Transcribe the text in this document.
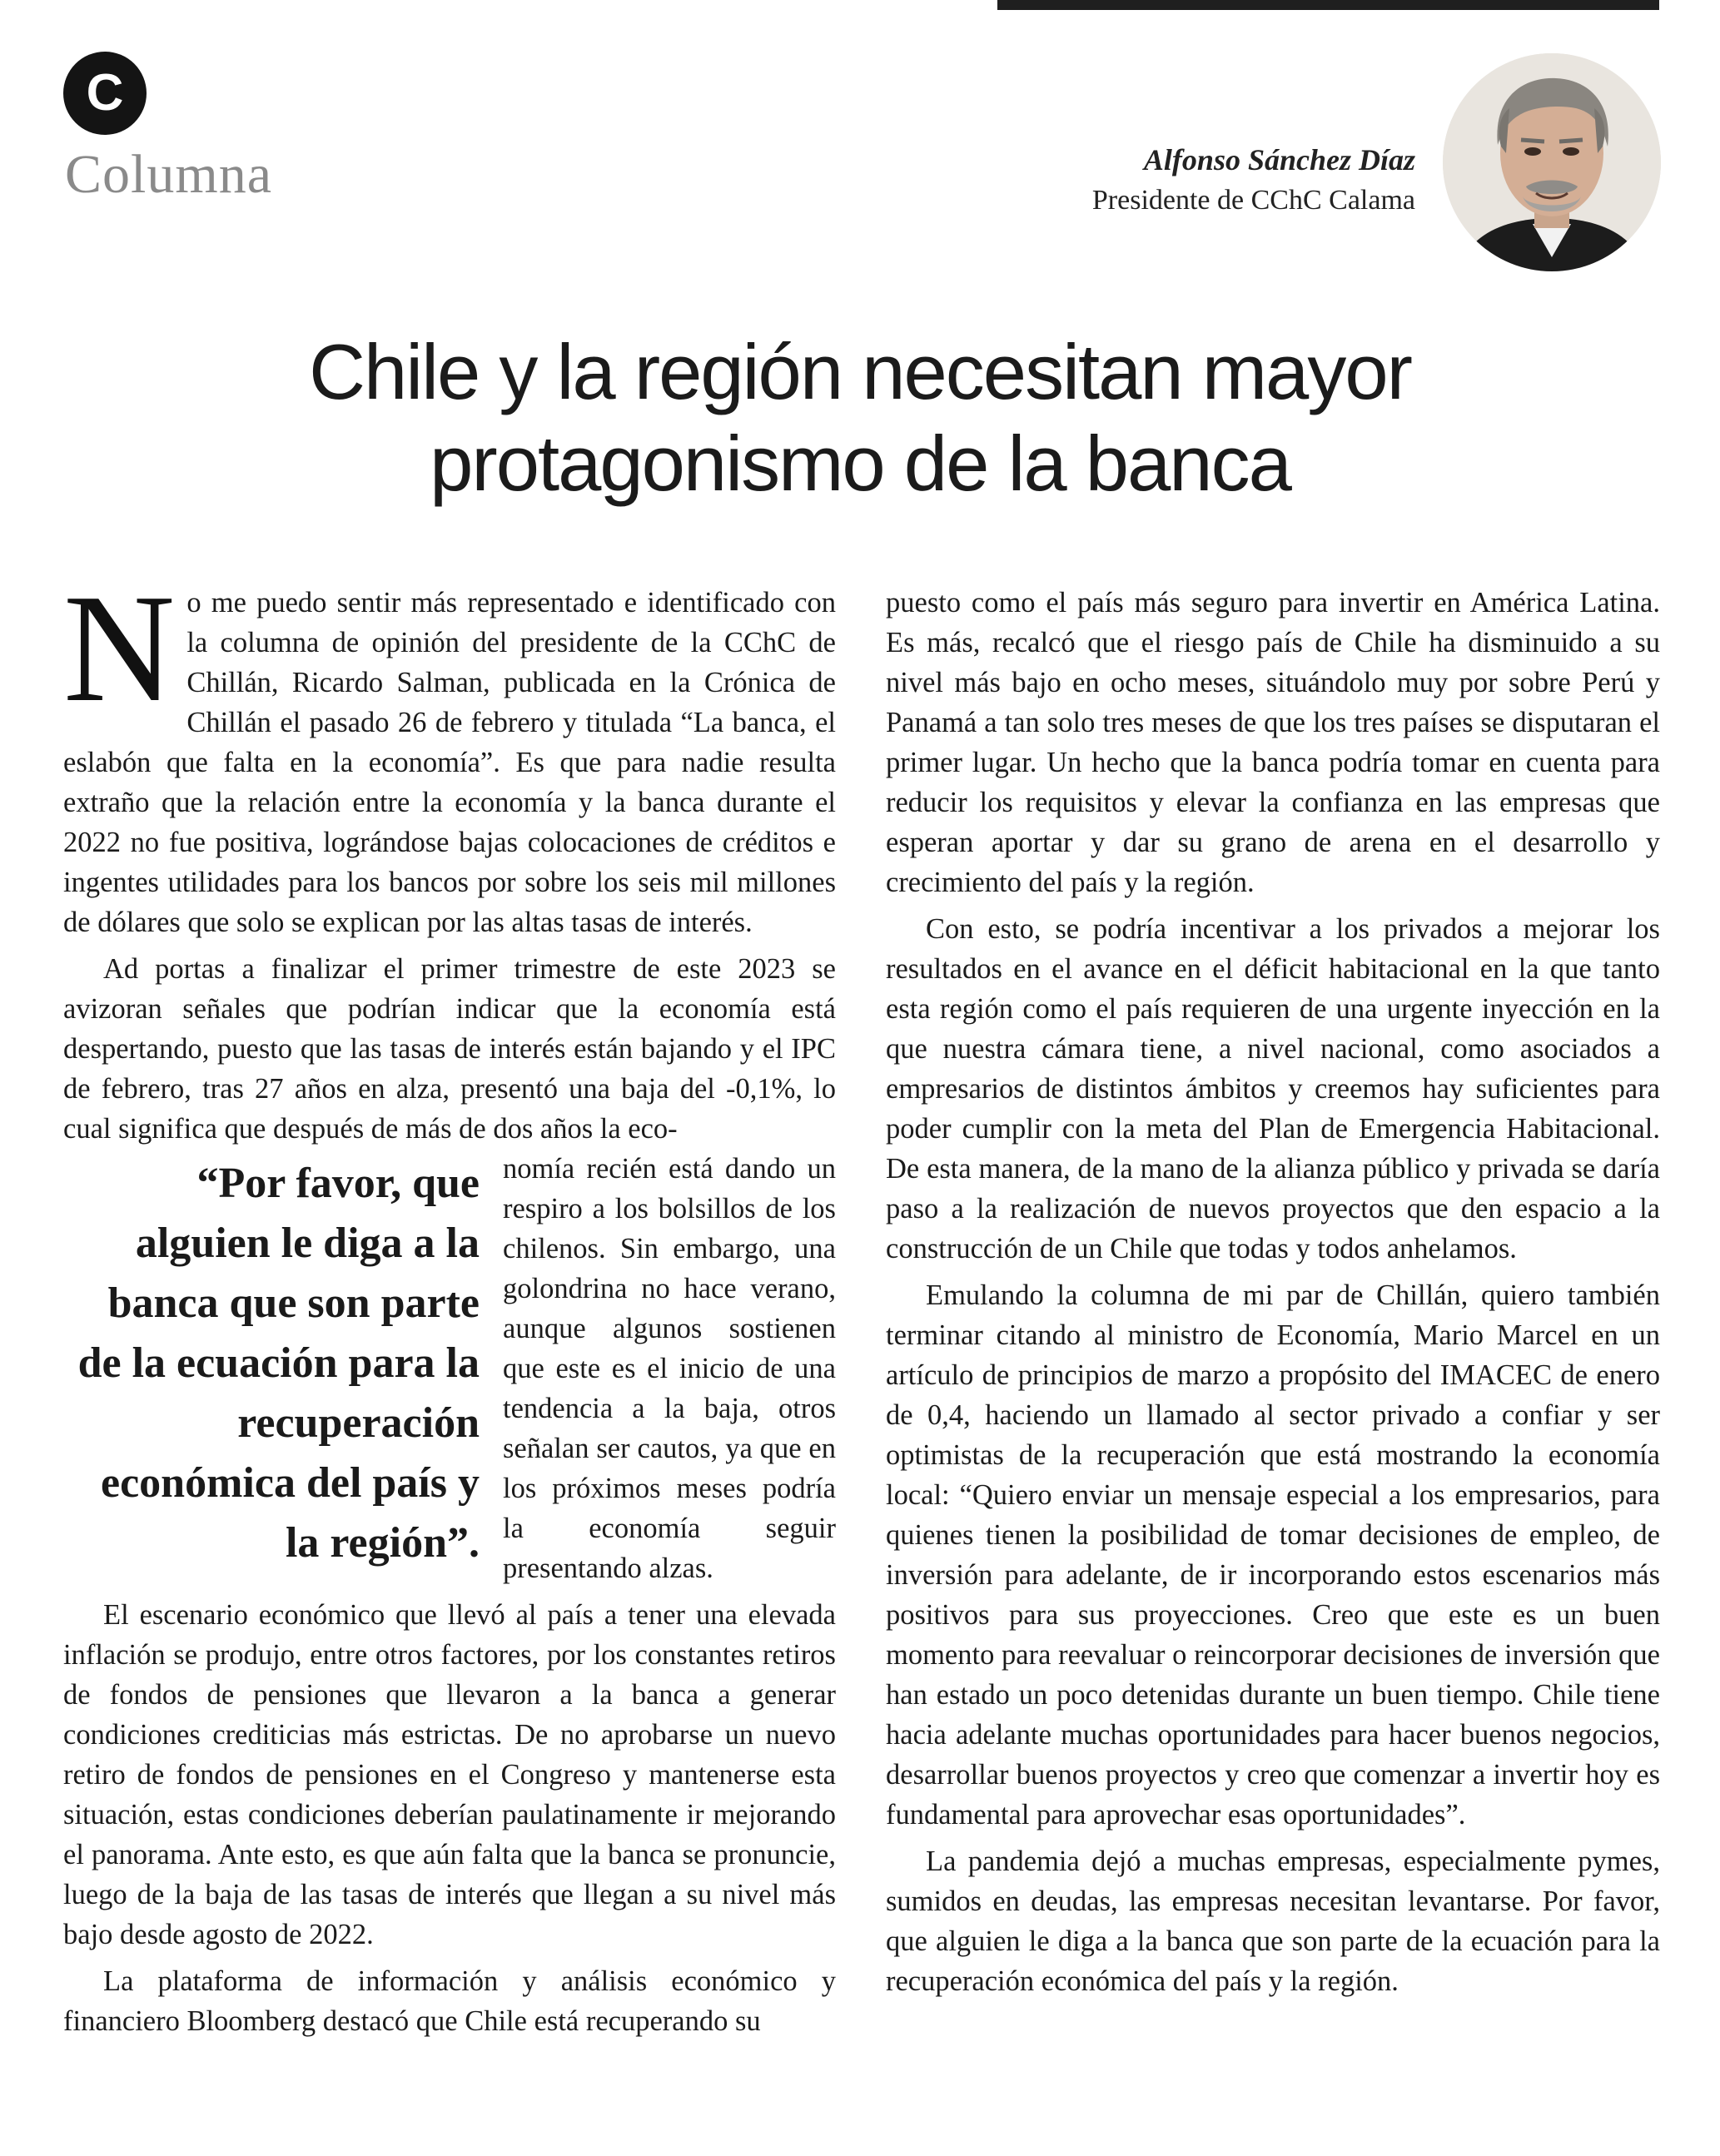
C
Columna	Alfonso Sánchez Díaz
Presidente de CChC Calama
Chile y la región necesitan mayor
protagonismo de la banca

No me puedo sentir más representado e identificado con la columna de opinión del presidente de la CChC de Chillán, Ricardo Salman, publicada en la Crónica de Chillán el pasado 26 de febrero y titulada “La banca, el eslabón que falta en la economía”. Es que para nadie resulta extraño que la relación entre la economía y la banca durante el 2022 no fue positiva, lográndose bajas colocaciones de créditos e ingentes utilidades para los bancos por sobre los seis mil millones de dólares que solo se explican por las altas tasas de interés.

Ad portas a finalizar el primer trimestre de este 2023 se avizoran señales que podrían indicar que la economía está despertando, puesto que las tasas de interés están bajando y el IPC de febrero, tras 27 años en alza, presentó una baja del -0,1%, lo cual significa que después de más de dos años la eco-

“Por favor, que alguien le diga a la banca que son parte de la ecuación para la recuperación económica del país y la región”.

nomía recién está dando un respiro a los bolsillos de los chilenos. Sin embargo, una golondrina no hace verano, aunque algunos sostienen que este es el inicio de una tendencia a la baja, otros señalan ser cautos, ya que en los próximos meses podría la economía seguir presentando alzas.

El escenario económico que llevó al país a tener una elevada inflación se produjo, entre otros factores, por los constantes retiros de fondos de pensiones que llevaron a la banca a generar condiciones crediticias más estrictas. De no aprobarse un nuevo retiro de fondos de pensiones en el Congreso y mantenerse esta situación, estas condiciones deberían paulatinamente ir mejorando el panorama. Ante esto, es que aún falta que la banca se pronuncie, luego de la baja de las tasas de interés que llegan a su nivel más bajo desde agosto de 2022.

La plataforma de información y análisis económico y financiero Bloomberg destacó que Chile está recuperando su

puesto como el país más seguro para invertir en América Latina. Es más, recalcó que el riesgo país de Chile ha disminuido a su nivel más bajo en ocho meses, situándolo muy por sobre Perú y Panamá a tan solo tres meses de que los tres países se disputaran el primer lugar. Un hecho que la banca podría tomar en cuenta para reducir los requisitos y elevar la confianza en las empresas que esperan aportar y dar su grano de arena en el desarrollo y crecimiento del país y la región.

Con esto, se podría incentivar a los privados a mejorar los resultados en el avance en el déficit habitacional en la que tanto esta región como el país requieren de una urgente inyección en la que nuestra cámara tiene, a nivel nacional, como asociados a empresarios de distintos ámbitos y creemos hay suficientes para poder cumplir con la meta del Plan de Emergencia Habitacional. De esta manera, de la mano de la alianza público y privada se daría paso a la realización de nuevos proyectos que den espacio a la construcción de un Chile que todas y todos anhelamos.

Emulando la columna de mi par de Chillán, quiero también terminar citando al ministro de Economía, Mario Marcel en un artículo de principios de marzo a propósito del IMACEC de enero de 0,4, haciendo un llamado al sector privado a confiar y ser optimistas de la recuperación que está mostrando la economía local: “Quiero enviar un mensaje especial a los empresarios, para quienes tienen la posibilidad de tomar decisiones de empleo, de inversión para adelante, de ir incorporando estos escenarios más positivos para sus proyecciones. Creo que este es un buen momento para reevaluar o reincorporar decisiones de inversión que han estado un poco detenidas durante un buen tiempo. Chile tiene hacia adelante muchas oportunidades para hacer buenos negocios, desarrollar buenos proyectos y creo que comenzar a invertir hoy es fundamental para aprovechar esas oportunidades”.

La pandemia dejó a muchas empresas, especialmente pymes, sumidos en deudas, las empresas necesitan levantarse. Por favor, que alguien le diga a la banca que son parte de la ecuación para la recuperación económica del país y la región.
